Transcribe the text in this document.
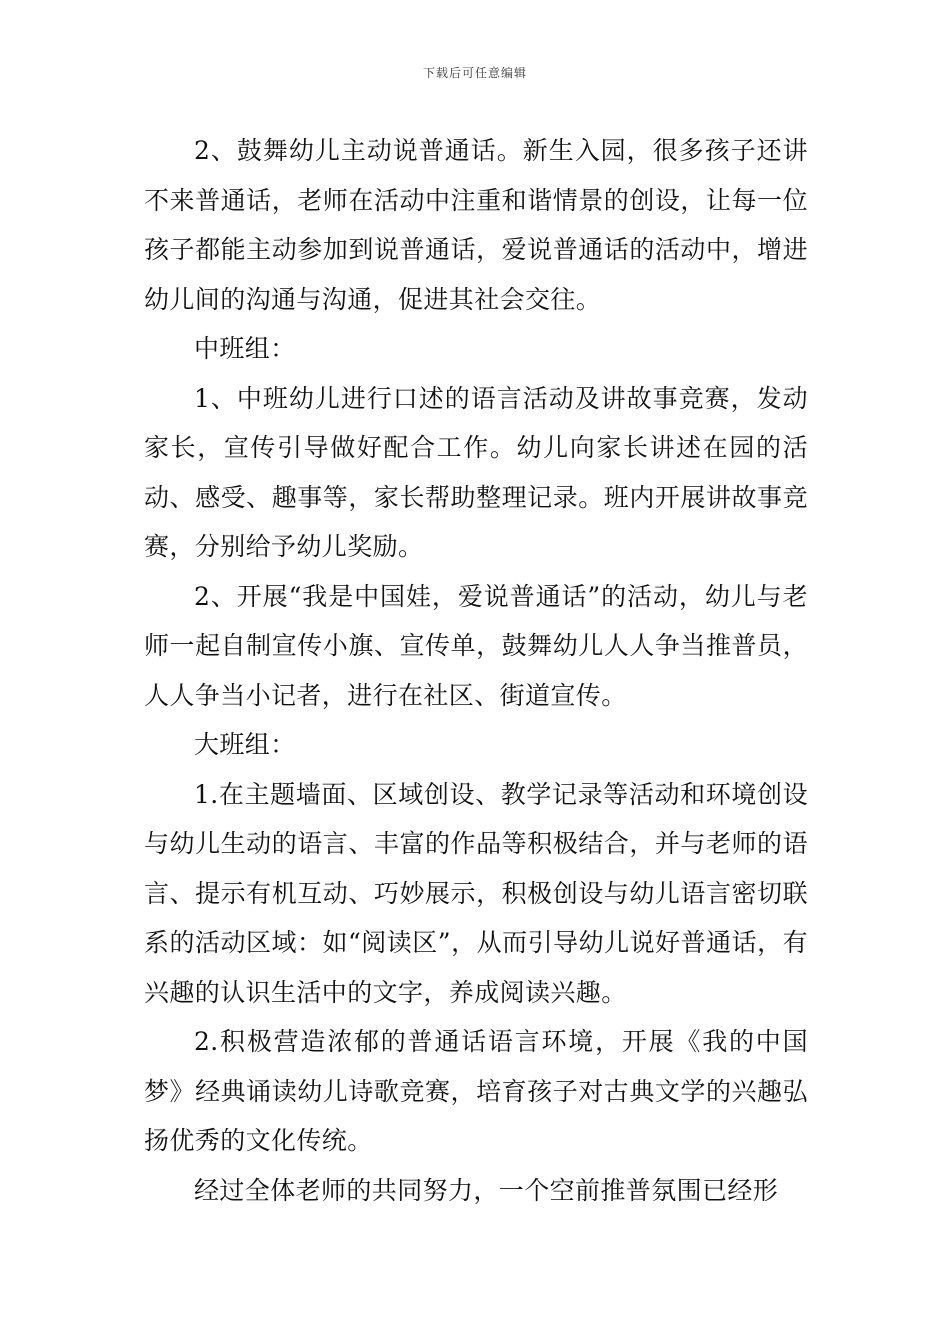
下载后可任意编辑

2、鼓舞幼儿主动说普通话。新生入园，很多孩子还讲不来普通话，老师在活动中注重和谐情景的创设，让每一位孩子都能主动参加到说普通话，爱说普通话的活动中，增进幼儿间的沟通与沟通，促进其社会交往。

中班组：

1、中班幼儿进行口述的语言活动及讲故事竞赛，发动家长，宣传引导做好配合工作。幼儿向家长讲述在园的活动、感受、趣事等，家长帮助整理记录。班内开展讲故事竞赛，分别给予幼儿奖励。

2、开展“我是中国娃，爱说普通话”的活动，幼儿与老师一起自制宣传小旗、宣传单，鼓舞幼儿人人争当推普员，人人争当小记者，进行在社区、街道宣传。

大班组：

1.在主题墙面、区域创设、教学记录等活动和环境创设与幼儿生动的语言、丰富的作品等积极结合，并与老师的语言、提示有机互动、巧妙展示，积极创设与幼儿语言密切联系的活动区域：如“阅读区”，从而引导幼儿说好普通话，有兴趣的认识生活中的文字，养成阅读兴趣。

2.积极营造浓郁的普通话语言环境，开展《我的中国梦》经典诵读幼儿诗歌竞赛，培育孩子对古典文学的兴趣弘扬优秀的文化传统。

经过全体老师的共同努力，一个空前推普氛围已经形
